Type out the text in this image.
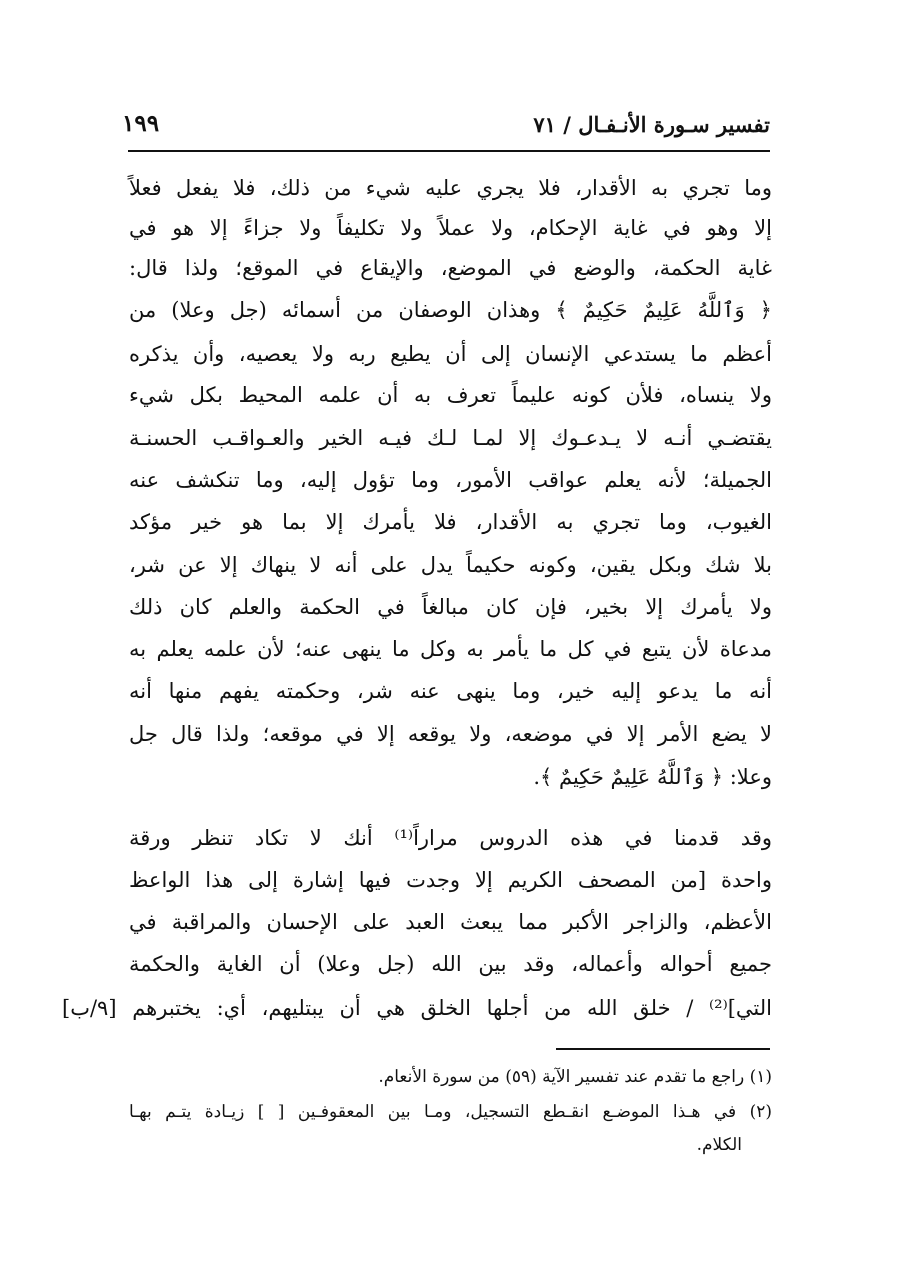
تفسير سـورة الأنـفـال / ٧١
١٩٩
وما تجري به الأقدار، فلا يجري عليه شيء من ذلك، فلا يفعل فعلاً
إلا وهو في غاية الإحكام، ولا عملاً ولا تكليفاً ولا جزاءً إلا هو في
غاية الحكمة، والوضع في الموضع، والإيقاع في الموقع؛ ولذا قال:
﴿ وَٱللَّهُ عَلِيمٌ حَكِيمٌ ﴾ وهذان الوصفان من أسمائه (جل وعلا) من
أعظم ما يستدعي الإنسان إلى أن يطيع ربه ولا يعصيه، وأن يذكره
ولا ينساه، فلأن كونه عليماً تعرف به أن علمه المحيط بكل شيء
يقتضـي أنـه لا يـدعـوك إلا لمـا لـك فيـه الخير والعـواقـب الحسنـة
الجميلة؛ لأنه يعلم عواقب الأمور، وما تؤول إليه، وما تنكشف عنه
الغيوب، وما تجري به الأقدار، فلا يأمرك إلا بما هو خير مؤكد
بلا شك وبكل يقين، وكونه حكيماً يدل على أنه لا ينهاك إلا عن شر،
ولا يأمرك إلا بخير، فإن كان مبالغاً في الحكمة والعلم كان ذلك
مدعاة لأن يتبع في كل ما يأمر به وكل ما ينهى عنه؛ لأن علمه يعلم به
أنه ما يدعو إليه خير، وما ينهى عنه شر، وحكمته يفهم منها أنه
لا يضع الأمر إلا في موضعه، ولا يوقعه إلا في موقعه؛ ولذا قال جل
وعلا: ﴿ وَٱللَّهُ عَلِيمٌ حَكِيمٌ ﴾.
وقد قدمنا في هذه الدروس مراراً⁽¹⁾ أنك لا تكاد تنظر ورقة
واحدة [من المصحف الكريم إلا وجدت فيها إشارة إلى هذا الواعظ
الأعظم، والزاجر الأكبر مما يبعث العبد على الإحسان والمراقبة في
جميع أحواله وأعماله، وقد بين الله (جل وعلا) أن الغاية والحكمة
التي]⁽²⁾ / خلق الله من أجلها الخلق هي أن يبتليهم، أي: يختبرهم [٩/ب]
(١) راجع ما تقدم عند تفسير الآية (٥٩) من سورة الأنعام.
(٢) في هـذا الموضـع انقـطع التسجيل، ومـا بين المعقوفـين [ ] زيـادة يتـم بهـا
الكلام.
